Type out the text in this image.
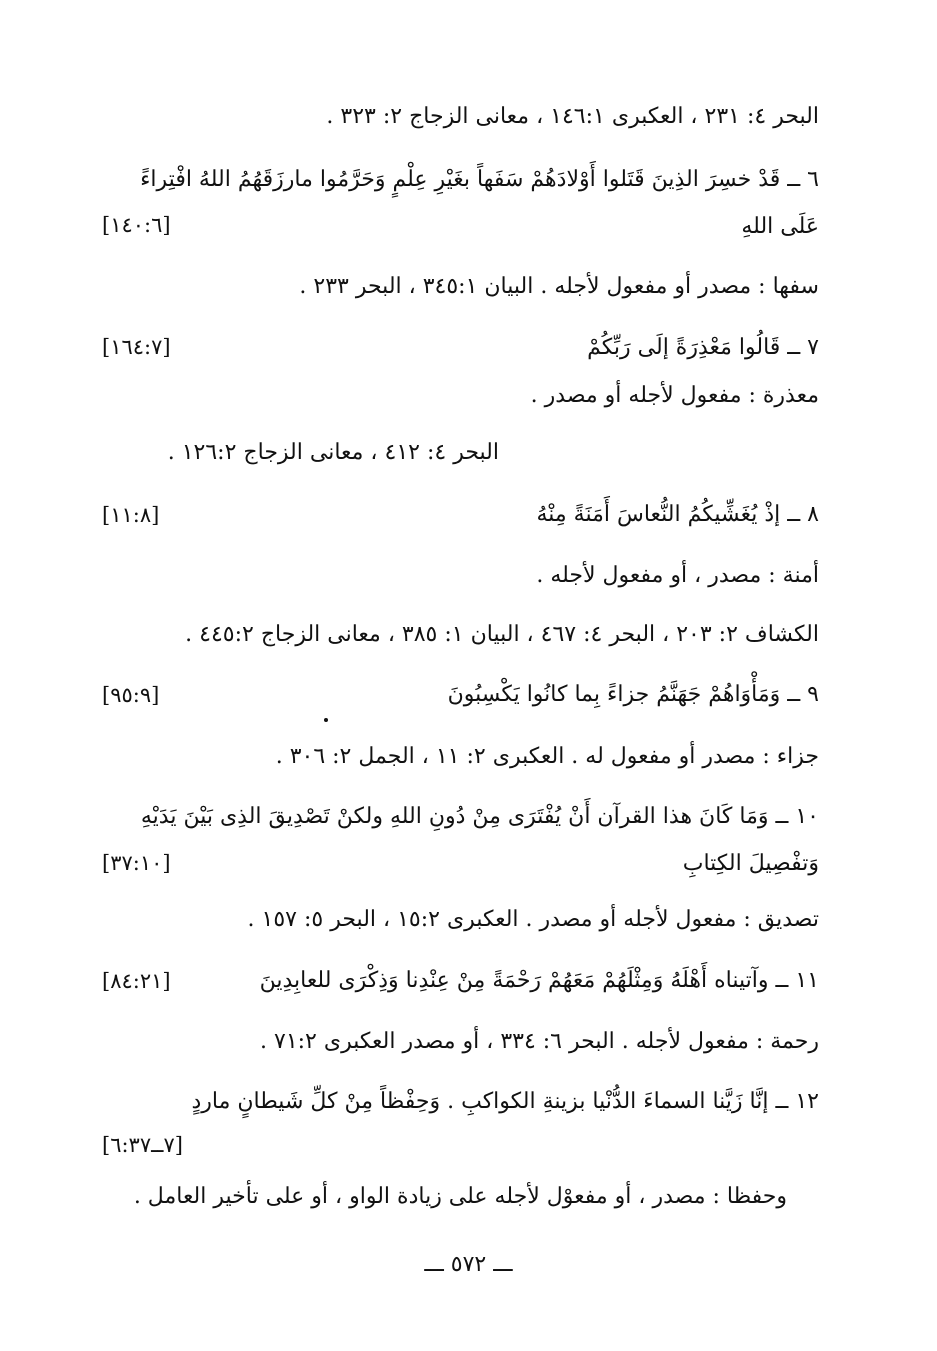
البحر ٤: ٢٣١ ، العكبرى ١٤٦:١ ، معانى الزجاج ٢: ٣٢٣ .
٦ ــ قَدْ خسِرَ الذِينَ قَتَلوا أَوْلادَهُمْ سَفَهاً بغَيْرِ عِلْمٍ وَحَرَّمُوا مارزَقَهُمُ اللهُ افْتِراءً
عَلَى اللهِ
[١٤٠:٦]
سفها : مصدر أو مفعول لأجله . البيان ٣٤٥:١ ، البحر ٢٣٣ .
٧ ــ قَالُوا مَعْذِرَةً إلَى رَبِّكُمْ
[١٦٤:٧]
معذرة : مفعول لأجله أو مصدر .
البحر ٤: ٤١٢ ، معانى الزجاج ١٢٦:٢ .
٨ ــ إذْ يُغَشِّيكُمُ النُّعاسَ أَمَنَةً مِنْهُ
[١١:٨]
أمنة : مصدر ، أو مفعول لأجله .
الكشاف ٢: ٢٠٣ ، البحر ٤: ٤٦٧ ، البيان ١: ٣٨٥ ، معانى الزجاج ٤٤٥:٢ .
٩ ــ وَمَأْوَاهُمْ جَهَنَّمُ جزاءً بِما كانُوا يَكْسِبُونَ
[٩٥:٩]
جزاء : مصدر أو مفعول له . العكبرى ٢: ١١ ، الجمل ٢: ٣٠٦ .
١٠ ــ وَمَا كَانَ هذا القرآن أَنْ يُفْتَرَى مِنْ دُونِ اللهِ ولكنْ تَصْدِيقَ الذِى بَيْنَ يَدَيْهِ
وَتفْصِيلَ الكِتابِ
[٣٧:١٠]
تصديق : مفعول لأجله أو مصدر . العكبرى ١٥:٢ ، البحر ٥: ١٥٧ .
١١ ــ وآتيناه أَهْلَهُ وَمِثْلَهُمْ مَعَهُمْ رَحْمَةً مِنْ عِنْدِنا وَذِكْرَى للعابِدِينَ
[٨٤:٢١]
رحمة : مفعول لأجله . البحر ٦: ٣٣٤ ، أو مصدر العكبرى ٧١:٢ .
١٢ ــ إنَّا زَيَّنا السماءَ الدُّنْيا بزينةِ الكواكبِ . وَحِفْظاً مِنْ كلِّ شَيطانٍ ماردٍ
[٧ــ٦:٣٧]
وحفظا : مصدر ، أو مفعوْل لأجله على زيادة الواو ، أو على تأخير العامل .
ـــ ٥٧٢ ـــ
